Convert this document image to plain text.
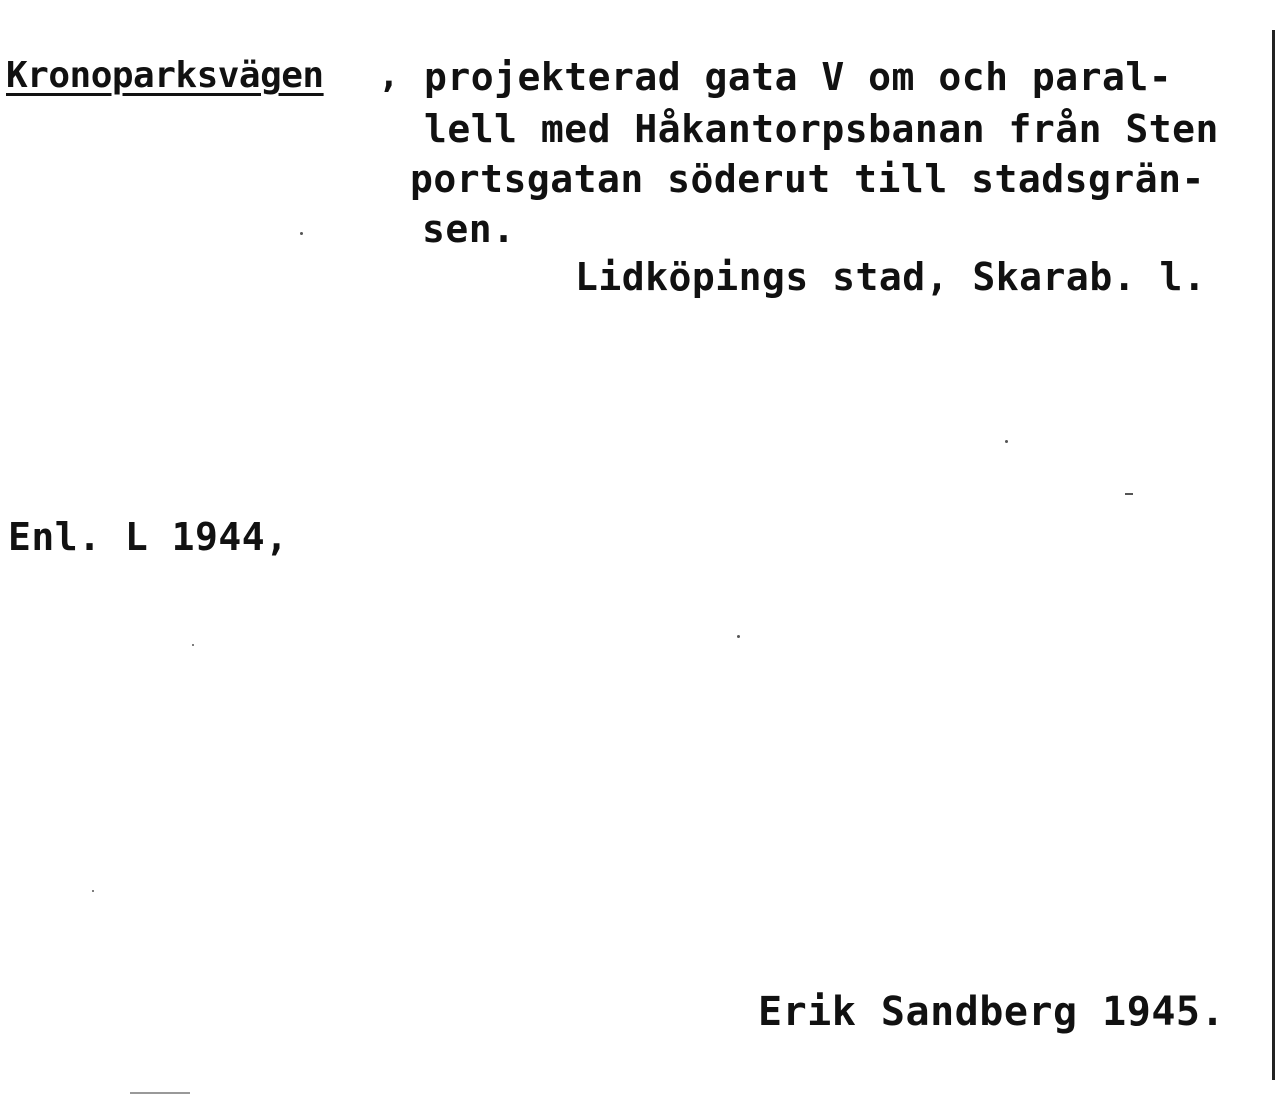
Kronoparksvägen , projekterad gata V om och paral-
lell med Håkantorpsbanan från Sten
portsgatan söderut till stadsgrän-
sen.
Lidköpings stad, Skarab. l.
Enl. L 1944,
Erik Sandberg 1945.
